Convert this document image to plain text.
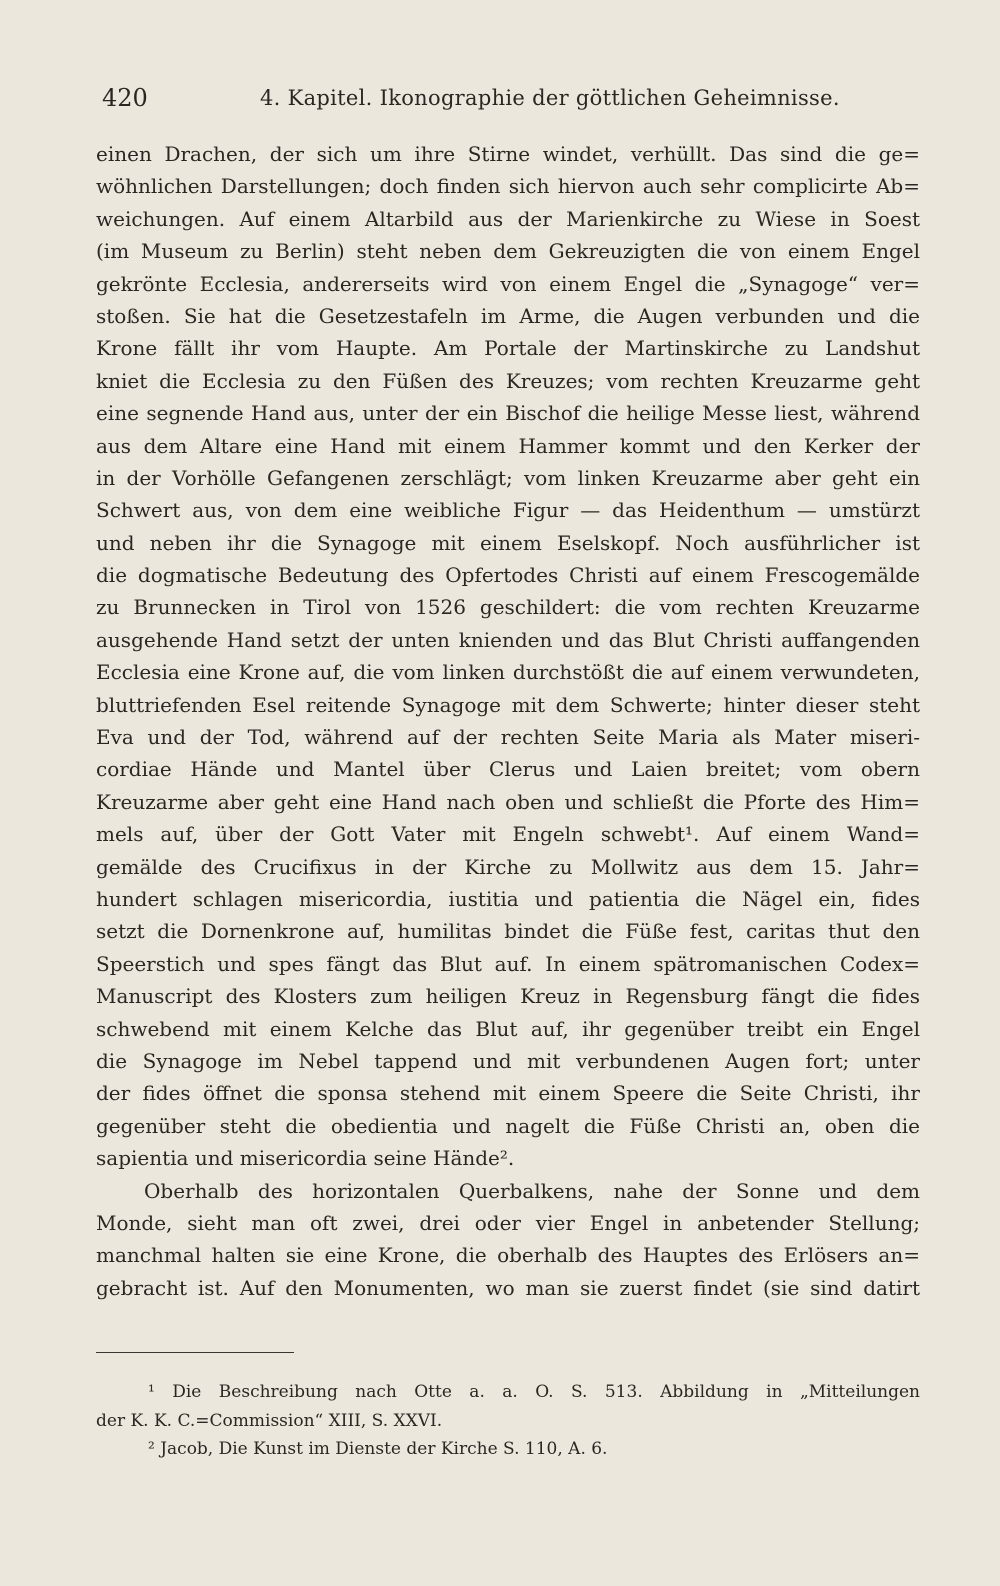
420	4. Kapitel. Ikonographie der göttlichen Geheimnisse.
einen Drachen, der sich um ihre Stirne windet, verhüllt. Das sind die ge=
wöhnlichen Darstellungen; doch finden sich hiervon auch sehr complicirte Ab=
weichungen. Auf einem Altarbild aus der Marienkirche zu Wiese in Soest
(im Museum zu Berlin) steht neben dem Gekreuzigten die von einem Engel
gekrönte Ecclesia, andererseits wird von einem Engel die „Synagoge“ ver=
stoßen. Sie hat die Gesetzestafeln im Arme, die Augen verbunden und die
Krone fällt ihr vom Haupte. Am Portale der Martinskirche zu Landshut
kniet die Ecclesia zu den Füßen des Kreuzes; vom rechten Kreuzarme geht
eine segnende Hand aus, unter der ein Bischof die heilige Messe liest, während
aus dem Altare eine Hand mit einem Hammer kommt und den Kerker der
in der Vorhölle Gefangenen zerschlägt; vom linken Kreuzarme aber geht ein
Schwert aus, von dem eine weibliche Figur — das Heidenthum — umstürzt
und neben ihr die Synagoge mit einem Eselskopf. Noch ausführlicher ist
die dogmatische Bedeutung des Opfertodes Christi auf einem Frescogemälde
zu Brunnecken in Tirol von 1526 geschildert: die vom rechten Kreuzarme
ausgehende Hand setzt der unten knienden und das Blut Christi auffangenden
Ecclesia eine Krone auf, die vom linken durchstößt die auf einem verwundeten,
bluttriefenden Esel reitende Synagoge mit dem Schwerte; hinter dieser steht
Eva und der Tod, während auf der rechten Seite Maria als Mater miseri-
cordiae Hände und Mantel über Clerus und Laien breitet; vom obern
Kreuzarme aber geht eine Hand nach oben und schließt die Pforte des Him=
mels auf, über der Gott Vater mit Engeln schwebt¹. Auf einem Wand=
gemälde des Crucifixus in der Kirche zu Mollwitz aus dem 15. Jahr=
hundert schlagen misericordia, iustitia und patientia die Nägel ein, fides
setzt die Dornenkrone auf, humilitas bindet die Füße fest, caritas thut den
Speerstich und spes fängt das Blut auf. In einem spätromanischen Codex=
Manuscript des Klosters zum heiligen Kreuz in Regensburg fängt die fides
schwebend mit einem Kelche das Blut auf, ihr gegenüber treibt ein Engel
die Synagoge im Nebel tappend und mit verbundenen Augen fort; unter
der fides öffnet die sponsa stehend mit einem Speere die Seite Christi, ihr
gegenüber steht die obedientia und nagelt die Füße Christi an, oben die
sapientia und misericordia seine Hände².
Oberhalb des horizontalen Querbalkens, nahe der Sonne und dem
Monde, sieht man oft zwei, drei oder vier Engel in anbetender Stellung;
manchmal halten sie eine Krone, die oberhalb des Hauptes des Erlösers an=
gebracht ist. Auf den Monumenten, wo man sie zuerst findet (sie sind datirt
¹ Die Beschreibung nach Otte a. a. O. S. 513. Abbildung in „Mitteilungen
der K. K. C.=Commission“ XIII, S. XXVI.
² Jacob, Die Kunst im Dienste der Kirche S. 110, A. 6.
